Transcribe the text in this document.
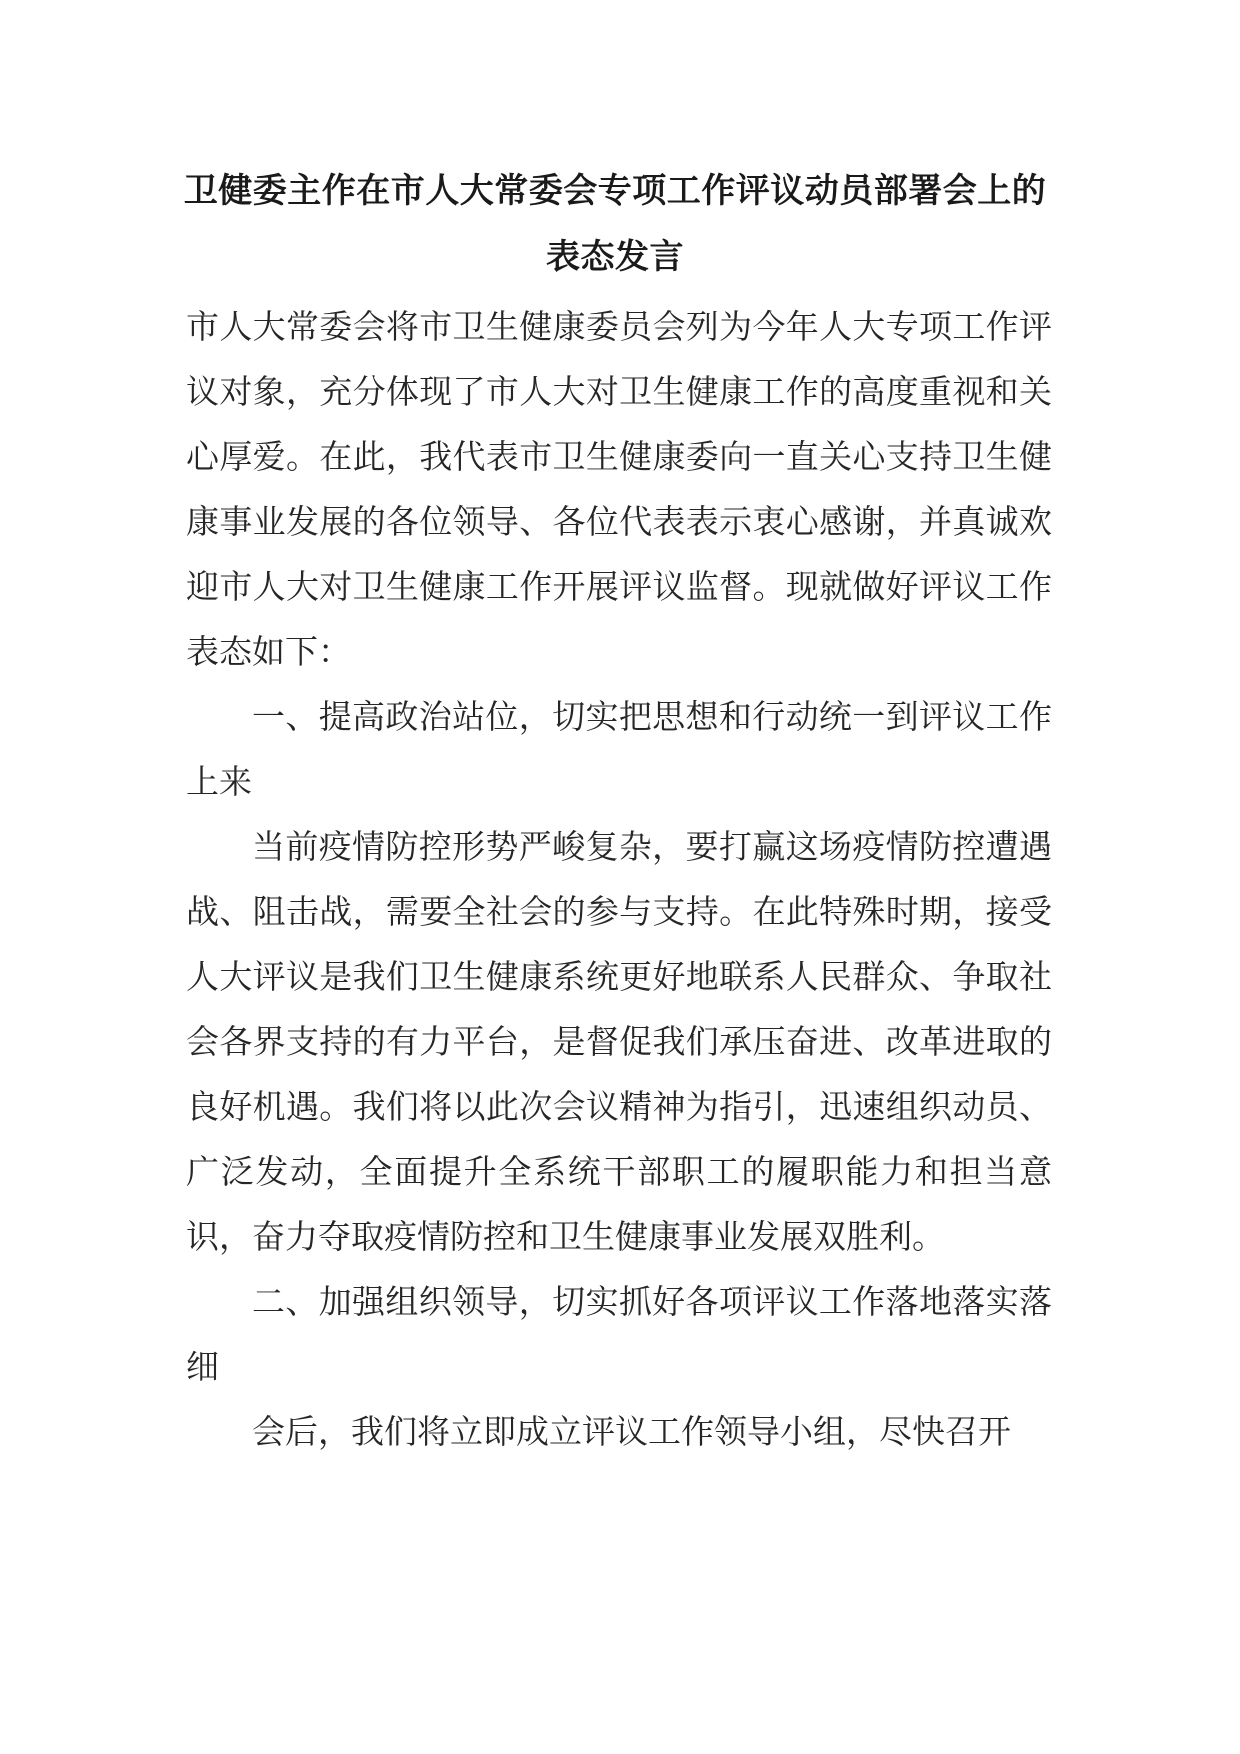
卫健委主作在市人大常委会专项工作评议动员部署会上的
表态发言

市人大常委会将市卫生健康委员会列为今年人大专项工作评议对象，充分体现了市人大对卫生健康工作的高度重视和关心厚爱。在此，我代表市卫生健康委向一直关心支持卫生健康事业发展的各位领导、各位代表表示衷心感谢，并真诚欢迎市人大对卫生健康工作开展评议监督。现就做好评议工作表态如下：

一、提高政治站位，切实把思想和行动统一到评议工作上来

当前疫情防控形势严峻复杂，要打赢这场疫情防控遭遇战、阻击战，需要全社会的参与支持。在此特殊时期，接受人大评议是我们卫生健康系统更好地联系人民群众、争取社会各界支持的有力平台，是督促我们承压奋进、改革进取的良好机遇。我们将以此次会议精神为指引，迅速组织动员、广泛发动，全面提升全系统干部职工的履职能力和担当意识，奋力夺取疫情防控和卫生健康事业发展双胜利。

二、加强组织领导，切实抓好各项评议工作落地落实落细

会后，我们将立即成立评议工作领导小组，尽快召开
